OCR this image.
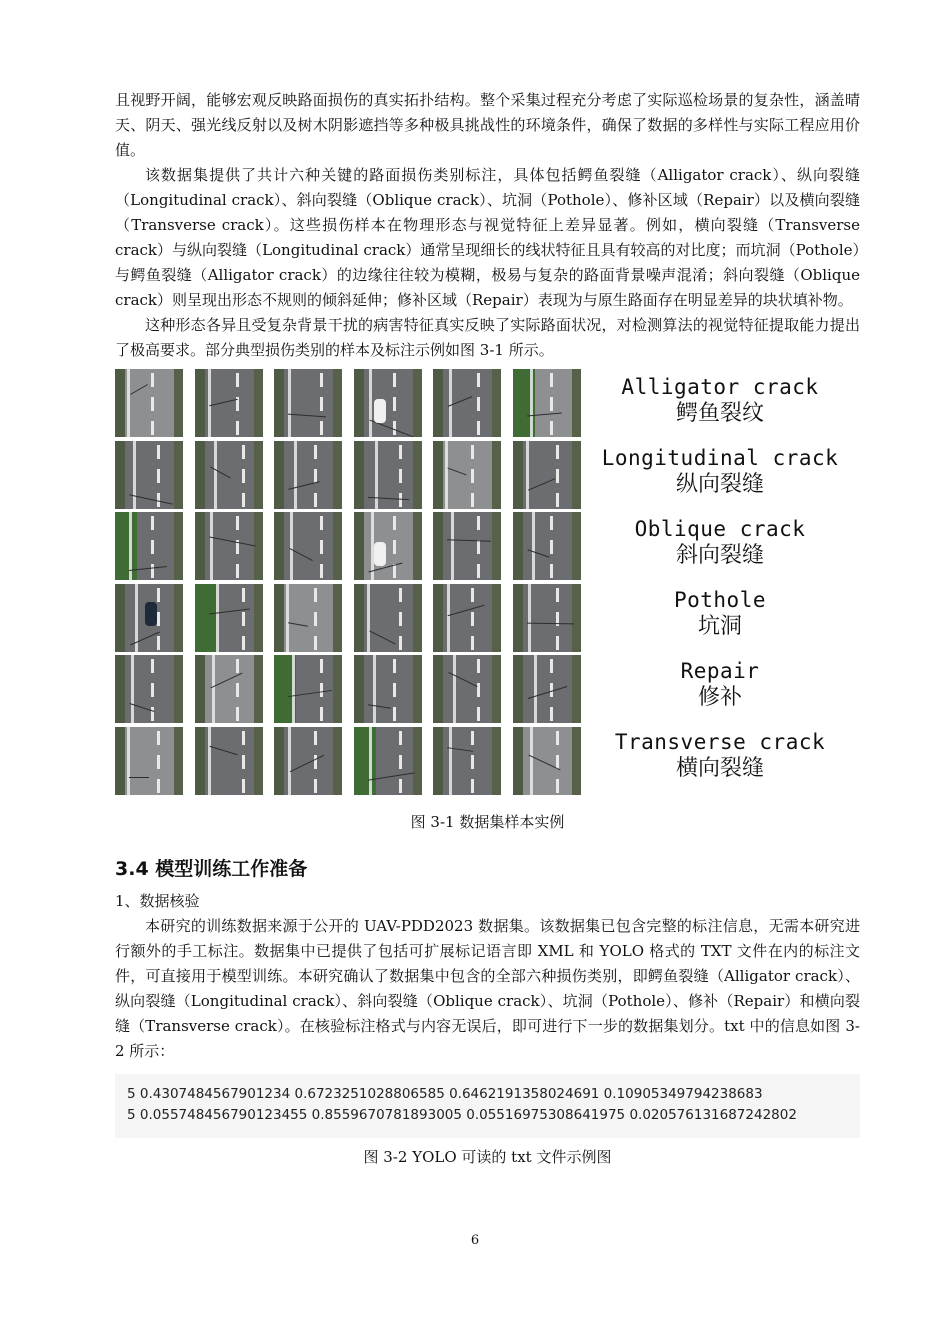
且视野开阔，能够宏观反映路面损伤的真实拓扑结构。整个采集过程充分考虑了实际巡检场景的复杂性，涵盖晴天、阴天、强光线反射以及树木阴影遮挡等多种极具挑战性的环境条件，确保了数据的多样性与实际工程应用价值。

该数据集提供了共计六种关键的路面损伤类别标注，具体包括鳄鱼裂缝（Alligator crack）、纵向裂缝（Longitudinal crack）、斜向裂缝（Oblique crack）、坑洞（Pothole）、修补区域（Repair）以及横向裂缝（Transverse crack）。这些损伤样本在物理形态与视觉特征上差异显著。例如，横向裂缝（Transverse crack）与纵向裂缝（Longitudinal crack）通常呈现细长的线状特征且具有较高的对比度；而坑洞（Pothole）与鳄鱼裂缝（Alligator crack）的边缘往往较为模糊，极易与复杂的路面背景噪声混淆；斜向裂缝（Oblique crack）则呈现出形态不规则的倾斜延伸；修补区域（Repair）表现为与原生路面存在明显差异的块状填补物。

这种形态各异且受复杂背景干扰的病害特征真实反映了实际路面状况，对检测算法的视觉特征提取能力提出了极高要求。部分典型损伤类别的样本及标注示例如图 3-1 所示。

Alligator crack
鳄鱼裂纹
Longitudinal crack
纵向裂缝
Oblique crack
斜向裂缝
Pothole
坑洞
Repair
修补
Transverse crack
横向裂缝
图 3-1 数据集样本实例
3.4 模型训练工作准备

1、数据核验

本研究的训练数据来源于公开的 UAV-PDD2023 数据集。该数据集已包含完整的标注信息，无需本研究进行额外的手工标注。数据集中已提供了包括可扩展标记语言即 XML 和 YOLO 格式的 TXT 文件在内的标注文件，可直接用于模型训练。本研究确认了数据集中包含的全部六种损伤类别，即鳄鱼裂缝（Alligator crack）、纵向裂缝（Longitudinal crack）、斜向裂缝（Oblique crack）、坑洞（Pothole）、修补（Repair）和横向裂缝（Transverse crack）。在核验标注格式与内容无误后，即可进行下一步的数据集划分。txt 中的信息如图 3-2 所示：

5 0.4307484567901234 0.6723251028806585 0.6462191358024691 0.10905349794238683
5 0.055748456790123455 0.8559670781893005 0.05516975308641975 0.020576131687242802
图 3-2 YOLO 可读的 txt 文件示例图
6
